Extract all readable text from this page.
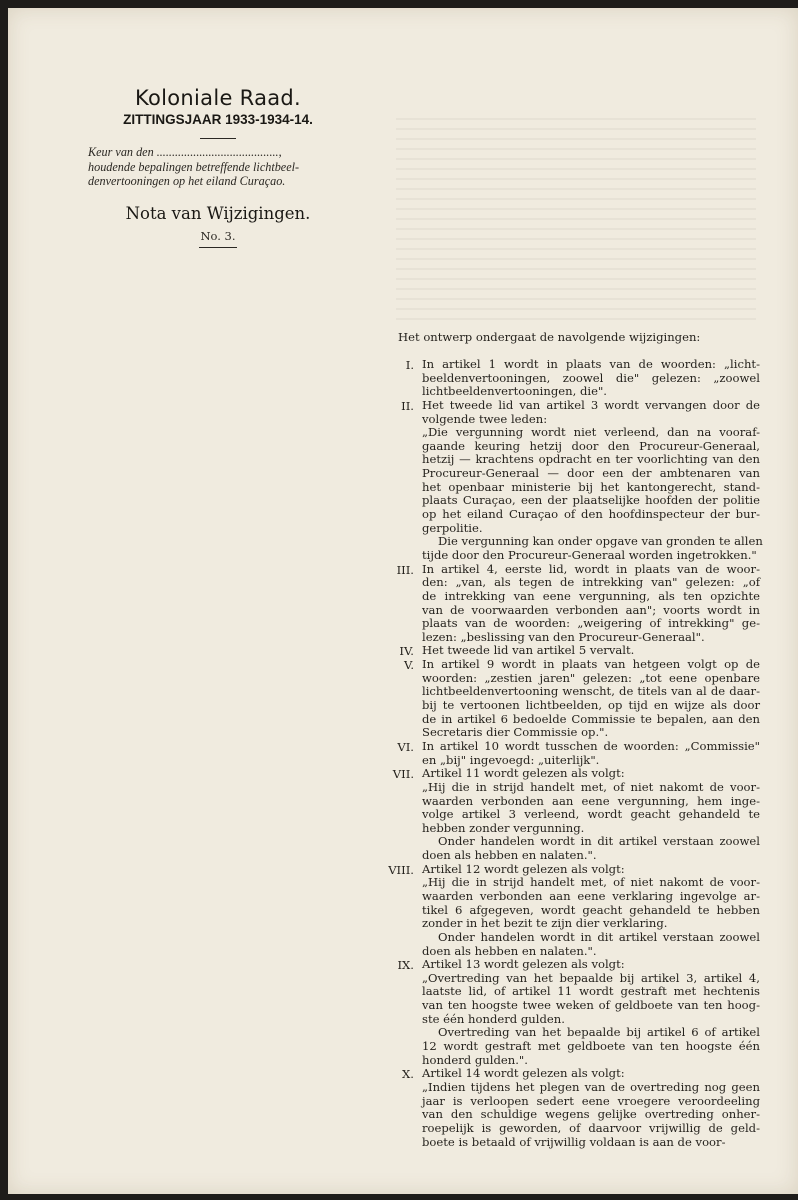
Koloniale Raad.
ZITTINGSJAAR 1933-1934-14.
Keur van den ........................................,
houdende bepalingen betreffende lichtbeel-
denvertooningen op het eiland Curaçao.
Nota van Wijzigingen.
No. 3.
Het ontwerp ondergaat de navolgende wijzigingen:
I. In artikel 1 wordt in plaats van de woorden: „licht-
beeldenvertooningen, zoowel die" gelezen: „zoowel
lichtbeeldenvertooningen, die".
II. Het tweede lid van artikel 3 wordt vervangen door de
volgende twee leden:
„Die vergunning wordt niet verleend, dan na vooraf-
gaande keuring hetzij door den Procureur-Generaal,
hetzij — krachtens opdracht en ter voorlichting van den
Procureur-Generaal — door een der ambtenaren van
het openbaar ministerie bij het kantongerecht, stand-
plaats Curaçao, een der plaatselijke hoofden der politie
op het eiland Curaçao of den hoofdinspecteur der bur-
gerpolitie.
Die vergunning kan onder opgave van gronden te allen
tijde door den Procureur-Generaal worden ingetrokken."
III. In artikel 4, eerste lid, wordt in plaats van de woor-
den: „van, als tegen de intrekking van" gelezen: „of
de intrekking van eene vergunning, als ten opzichte
van de voorwaarden verbonden aan"; voorts wordt in
plaats van de woorden: „weigering of intrekking" ge-
lezen: „beslissing van den Procureur-Generaal".
IV. Het tweede lid van artikel 5 vervalt.
V. In artikel 9 wordt in plaats van hetgeen volgt op de
woorden: „zestien jaren" gelezen: „tot eene openbare
lichtbeeldenvertooning wenscht, de titels van al de daar-
bij te vertoonen lichtbeelden, op tijd en wijze als door
de in artikel 6 bedoelde Commissie te bepalen, aan den
Secretaris dier Commissie op.".
VI. In artikel 10 wordt tusschen de woorden: „Commissie"
en „bij" ingevoegd: „uiterlijk".
VII. Artikel 11 wordt gelezen als volgt:
„Hij die in strijd handelt met, of niet nakomt de voor-
waarden verbonden aan eene vergunning, hem inge-
volge artikel 3 verleend, wordt geacht gehandeld te
hebben zonder vergunning.
Onder handelen wordt in dit artikel verstaan zoowel
doen als hebben en nalaten.".
VIII. Artikel 12 wordt gelezen als volgt:
„Hij die in strijd handelt met, of niet nakomt de voor-
waarden verbonden aan eene verklaring ingevolge ar-
tikel 6 afgegeven, wordt geacht gehandeld te hebben
zonder in het bezit te zijn dier verklaring.
Onder handelen wordt in dit artikel verstaan zoowel
doen als hebben en nalaten.".
IX. Artikel 13 wordt gelezen als volgt:
„Overtreding van het bepaalde bij artikel 3, artikel 4,
laatste lid, of artikel 11 wordt gestraft met hechtenis
van ten hoogste twee weken of geldboete van ten hoog-
ste één honderd gulden.
Overtreding van het bepaalde bij artikel 6 of artikel
12 wordt gestraft met geldboete van ten hoogste één
honderd gulden.".
X. Artikel 14 wordt gelezen als volgt:
„Indien tijdens het plegen van de overtreding nog geen
jaar is verloopen sedert eene vroegere veroordeeling
van den schuldige wegens gelijke overtreding onher-
roepelijk is geworden, of daarvoor vrijwillig de geld-
boete is betaald of vrijwillig voldaan is aan de voor-
